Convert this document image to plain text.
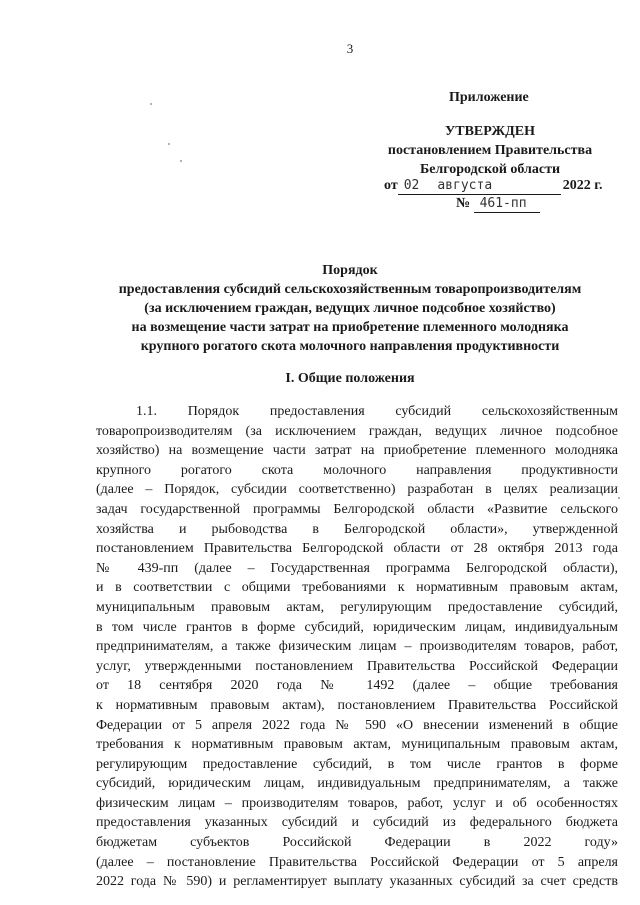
3
Приложение
УТВЕРЖДЕН
постановлением Правительства
Белгородской области
от 02 августа	2022 г.
№ 461-пп
Порядок
предоставления субсидий сельскохозяйственным товаропроизводителям
(за исключением граждан, ведущих личное подсобное хозяйство)
на возмещение части затрат на приобретение племенного молодняка
крупного рогатого скота молочного направления продуктивности
I. Общие положения
1.1. Порядок предоставления субсидий сельскохозяйственным
товаропроизводителям (за исключением граждан, ведущих личное подсобное
хозяйство) на возмещение части затрат на приобретение племенного молодняка
крупного рогатого скота молочного направления продуктивности
(далее – Порядок, субсидии соответственно) разработан в целях реализации
задач государственной программы Белгородской области «Развитие сельского
хозяйства и рыбоводства в Белгородской области», утвержденной
постановлением Правительства Белгородской области от 28 октября 2013 года
№ 439-пп (далее – Государственная программа Белгородской области),
и в соответствии с общими требованиями к нормативным правовым актам,
муниципальным правовым актам, регулирующим предоставление субсидий,
в том числе грантов в форме субсидий, юридическим лицам, индивидуальным
предпринимателям, а также физическим лицам – производителям товаров, работ,
услуг, утвержденными постановлением Правительства Российской Федерации
от 18 сентября 2020 года № 1492 (далее – общие требования
к нормативным правовым актам), постановлением Правительства Российской
Федерации от 5 апреля 2022 года № 590 «О внесении изменений в общие
требования к нормативным правовым актам, муниципальным правовым актам,
регулирующим предоставление субсидий, в том числе грантов в форме
субсидий, юридическим лицам, индивидуальным предпринимателям, а также
физическим лицам – производителям товаров, работ, услуг и об особенностях
предоставления указанных субсидий и субсидий из федерального бюджета
бюджетам субъектов Российской Федерации в 2022 году»
(далее – постановление Правительства Российской Федерации от 5 апреля
2022 года № 590) и регламентирует выплату указанных субсидий за счет средств
